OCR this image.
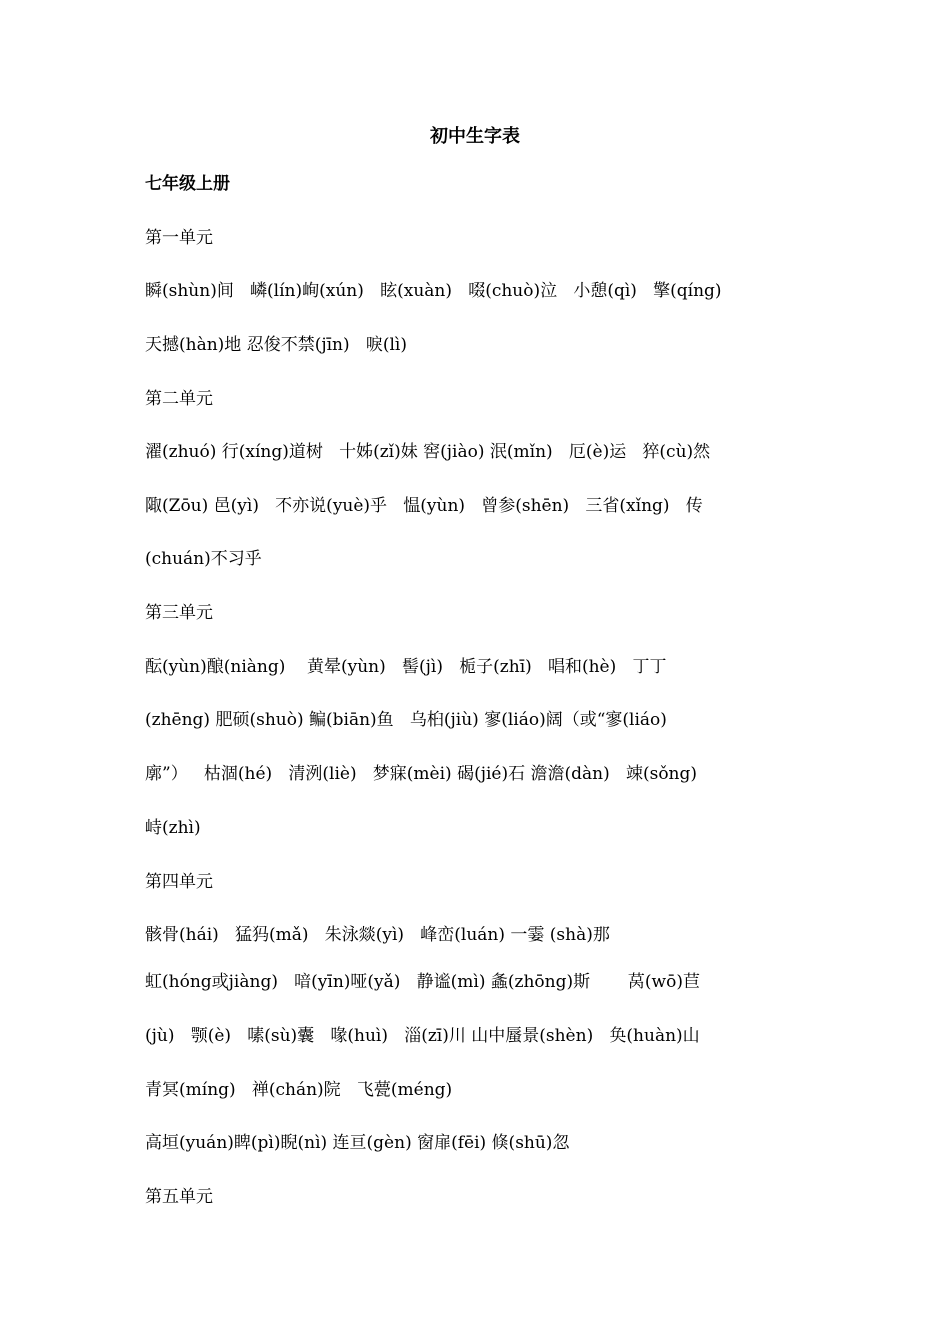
初中生字表
七年级上册
第一单元
瞬(shùn)间   嶙(lín)峋(xún)   眩(xuàn)   啜(chuò)泣   小憩(qì)   擎(qíng)
天撼(hàn)地 忍俊不禁(jīn)   唳(lì)
第二单元
濯(zhuó) 行(xíng)道树   十姊(zǐ)妹 窖(jiào) 泯(mǐn)   厄(è)运   猝(cù)然
陬(Zōu) 邑(yì)   不亦说(yuè)乎   愠(yùn)   曾参(shēn)   三省(xǐng)   传
(chuán)不习乎
第三单元
酝(yùn)酿(niàng)    黄晕(yùn)   髻(jì)   栀子(zhī)   唱和(hè)   丁丁
(zhēng) 肥硕(shuò) 鳊(biān)鱼   乌桕(jiù) 寥(liáo)阔（或“寥(liáo)
廓”）   枯涸(hé)   清洌(liè)   梦寐(mèi) 碣(jié)石 澹澹(dàn)   竦(sǒng)
峙(zhì)
第四单元
骸骨(hái)   猛犸(mǎ)   朱泳燚(yì)   峰峦(luán) 一霎 (shà)那
虹(hóng或jiàng)   喑(yīn)哑(yǎ)   静谧(mì) 螽(zhōng)斯       莴(wō)苣
(jù)   颚(è)   嗉(sù)囊   喙(huì)   淄(zī)川 山中蜃景(shèn)   奂(huàn)山
青冥(míng)   禅(chán)院   飞甍(méng)
高垣(yuán)睥(pì)睨(nì) 连亘(gèn) 窗扉(fēi) 倏(shū)忽
第五单元
